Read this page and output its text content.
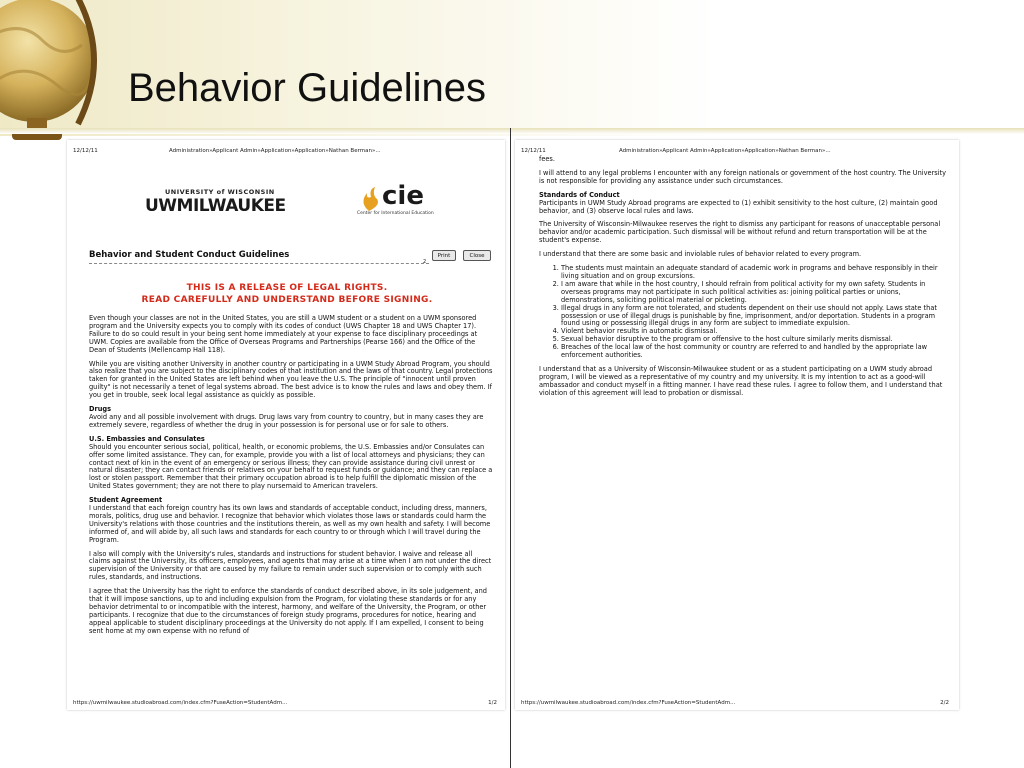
Behavior Guidelines
12/12/11	Administration»Applicant Admin»Application»Application»Nathan Berman»...
UNIVERSITY of WISCONSIN
UWMILWAUKEE	cie
Center for International Education
Behavior and Student Conduct Guidelines
2
Print	Close
THIS IS A RELEASE OF LEGAL RIGHTS.
READ CAREFULLY AND UNDERSTAND BEFORE SIGNING.

Even though your classes are not in the United States, you are still a UWM student or a student on a UWM sponsored program and the University expects you to comply with its codes of conduct (UWS Chapter 18 and UWS Chapter 17). Failure to do so could result in your being sent home immediately at your expense to face disciplinary proceedings at UWM. Copies are available from the Office of Overseas Programs and Partnerships (Pearse 166) and the Office of the Dean of Students (Mellencamp Hall 118).

While you are visiting another University in another country or participating in a UWM Study Abroad Program, you should also realize that you are subject to the disciplinary codes of that institution and the laws of that country. Legal protections taken for granted in the United States are left behind when you leave the U.S. The principle of "innocent until proven guilty" is not necessarily a tenet of legal systems abroad. The best advice is to know the rules and laws and obey them. If you get in trouble, seek local legal assistance as quickly as possible.

Drugs

Avoid any and all possible involvement with drugs. Drug laws vary from country to country, but in many cases they are extremely severe, regardless of whether the drug in your possession is for personal use or for sale to others.

U.S. Embassies and Consulates

Should you encounter serious social, political, health, or economic problems, the U.S. Embassies and/or Consulates can offer some limited assistance. They can, for example, provide you with a list of local attorneys and physicians; they can contact next of kin in the event of an emergency or serious illness; they can provide assistance during civil unrest or natural disaster; they can contact friends or relatives on your behalf to request funds or guidance; and they can replace a lost or stolen passport. Remember that their primary occupation abroad is to help fulfill the diplomatic mission of the United States government; they are not there to play nursemaid to American travelers.

Student Agreement

I understand that each foreign country has its own laws and standards of acceptable conduct, including dress, manners, morals, politics, drug use and behavior. I recognize that behavior which violates those laws or standards could harm the University's relations with those countries and the institutions therein, as well as my own health and safety. I will become informed of, and will abide by, all such laws and standards for each country to or through which I will travel during the Program.

I also will comply with the University's rules, standards and instructions for student behavior. I waive and release all claims against the University, its officers, employees, and agents that may arise at a time when I am not under the direct supervision of the University or that are caused by my failure to remain under such supervision or to comply with such rules, standards, and instructions.

I agree that the University has the right to enforce the standards of conduct described above, in its sole judgement, and that it will impose sanctions, up to and including expulsion from the Program, for violating these standards or for any behavior detrimental to or incompatible with the interest, harmony, and welfare of the University, the Program, or other participants. I recognize that due to the circumstances of foreign study programs, procedures for notice, hearing and appeal applicable to student disciplinary proceedings at the University do not apply. If I am expelled, I consent to being sent home at my own expense with no refund of

https://uwmilwaukee.studioabroad.com/index.cfm?FuseAction=StudentAdm...	1/2
12/12/11	Administration»Applicant Admin»Application»Application»Nathan Berman»...

fees.

I will attend to any legal problems I encounter with any foreign nationals or government of the host country. The University is not responsible for providing any assistance under such circumstances.

Standards of Conduct

Participants in UWM Study Abroad programs are expected to (1) exhibit sensitivity to the host culture, (2) maintain good behavior, and (3) observe local rules and laws.

The University of Wisconsin-Milwaukee reserves the right to dismiss any participant for reasons of unacceptable personal behavior and/or academic participation. Such dismissal will be without refund and return transportation will be at the student's expense.

I understand that there are some basic and inviolable rules of behavior related to every program.

1. The students must maintain an adequate standard of academic work in programs and behave responsibly in their living situation and on group excursions.
2. I am aware that while in the host country, I should refrain from political activity for my own safety. Students in overseas programs may not participate in such political activities as: joining political parties or unions, demonstrations, soliciting political material or picketing.
3. Illegal drugs in any form are not tolerated, and students dependent on their use should not apply. Laws state that possession or use of illegal drugs is punishable by fine, imprisonment, and/or deportation. Students in a program found using or possessing illegal drugs in any form are subject to immediate expulsion.
4. Violent behavior results in automatic dismissal.
5. Sexual behavior disruptive to the program or offensive to the host culture similarly merits dismissal.
6. Breaches of the local law of the host community or country are referred to and handled by the appropriate law enforcement authorities.

I understand that as a University of Wisconsin-Milwaukee student or as a student participating on a UWM study abroad program, I will be viewed as a representative of my country and my university. It is my intention to act as a good-will ambassador and conduct myself in a fitting manner. I have read these rules. I agree to follow them, and I understand that violation of this agreement will lead to probation or dismissal.

https://uwmilwaukee.studioabroad.com/index.cfm?FuseAction=StudentAdm...	2/2
